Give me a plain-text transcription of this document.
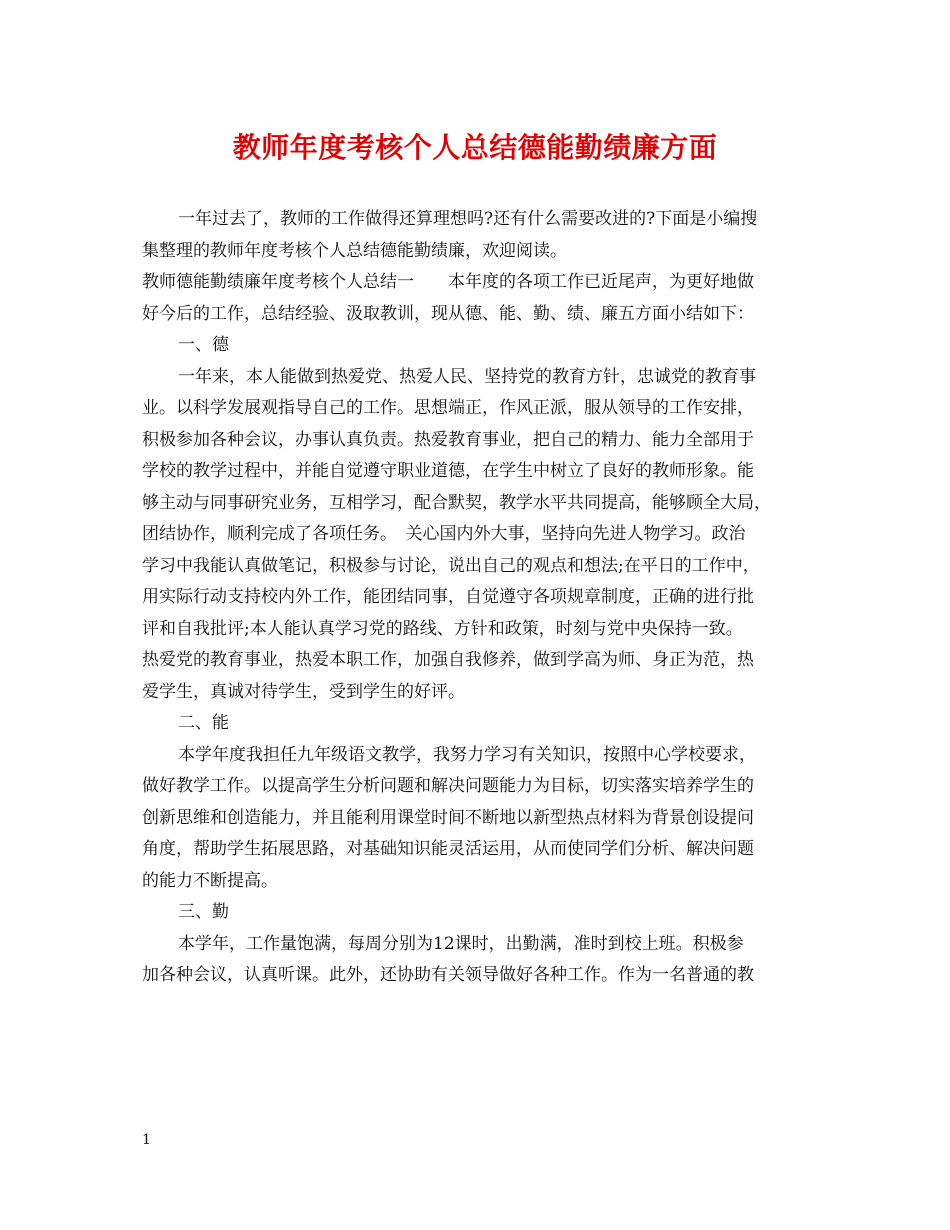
教师年度考核个人总结德能勤绩廉方面
一年过去了，教师的工作做得还算理想吗?还有什么需要改进的?下面是小编搜
集整理的教师年度考核个人总结德能勤绩廉，欢迎阅读。
教师德能勤绩廉年度考核个人总结一　　本年度的各项工作已近尾声，为更好地做
好今后的工作，总结经验、汲取教训，现从德、能、勤、绩、廉五方面小结如下：
一、德
一年来，本人能做到热爱党、热爱人民、坚持党的教育方针，忠诚党的教育事
业。以科学发展观指导自己的工作。思想端正，作风正派，服从领导的工作安排，
积极参加各种会议，办事认真负责。热爱教育事业，把自己的精力、能力全部用于
学校的教学过程中，并能自觉遵守职业道德，在学生中树立了良好的教师形象。能
够主动与同事研究业务，互相学习，配合默契，教学水平共同提高，能够顾全大局，
团结协作，顺利完成了各项任务。　关心国内外大事，坚持向先进人物学习。政治
学习中我能认真做笔记，积极参与讨论，说出自己的观点和想法;在平日的工作中，
用实际行动支持校内外工作，能团结同事，自觉遵守各项规章制度，正确的进行批
评和自我批评;本人能认真学习党的路线、方针和政策，时刻与党中央保持一致。
热爱党的教育事业，热爱本职工作，加强自我修养，做到学高为师、身正为范，热
爱学生，真诚对待学生，受到学生的好评。
二、能
本学年度我担任九年级语文教学，我努力学习有关知识，按照中心学校要求，
做好教学工作。以提高学生分析问题和解决问题能力为目标，切实落实培养学生的
创新思维和创造能力，并且能利用课堂时间不断地以新型热点材料为背景创设提问
角度，帮助学生拓展思路，对基础知识能灵活运用，从而使同学们分析、解决问题
的能力不断提高。
三、勤
本学年，工作量饱满，每周分别为12课时，出勤满，准时到校上班。积极参
加各种会议，认真听课。此外，还协助有关领导做好各种工作。作为一名普通的教
1
